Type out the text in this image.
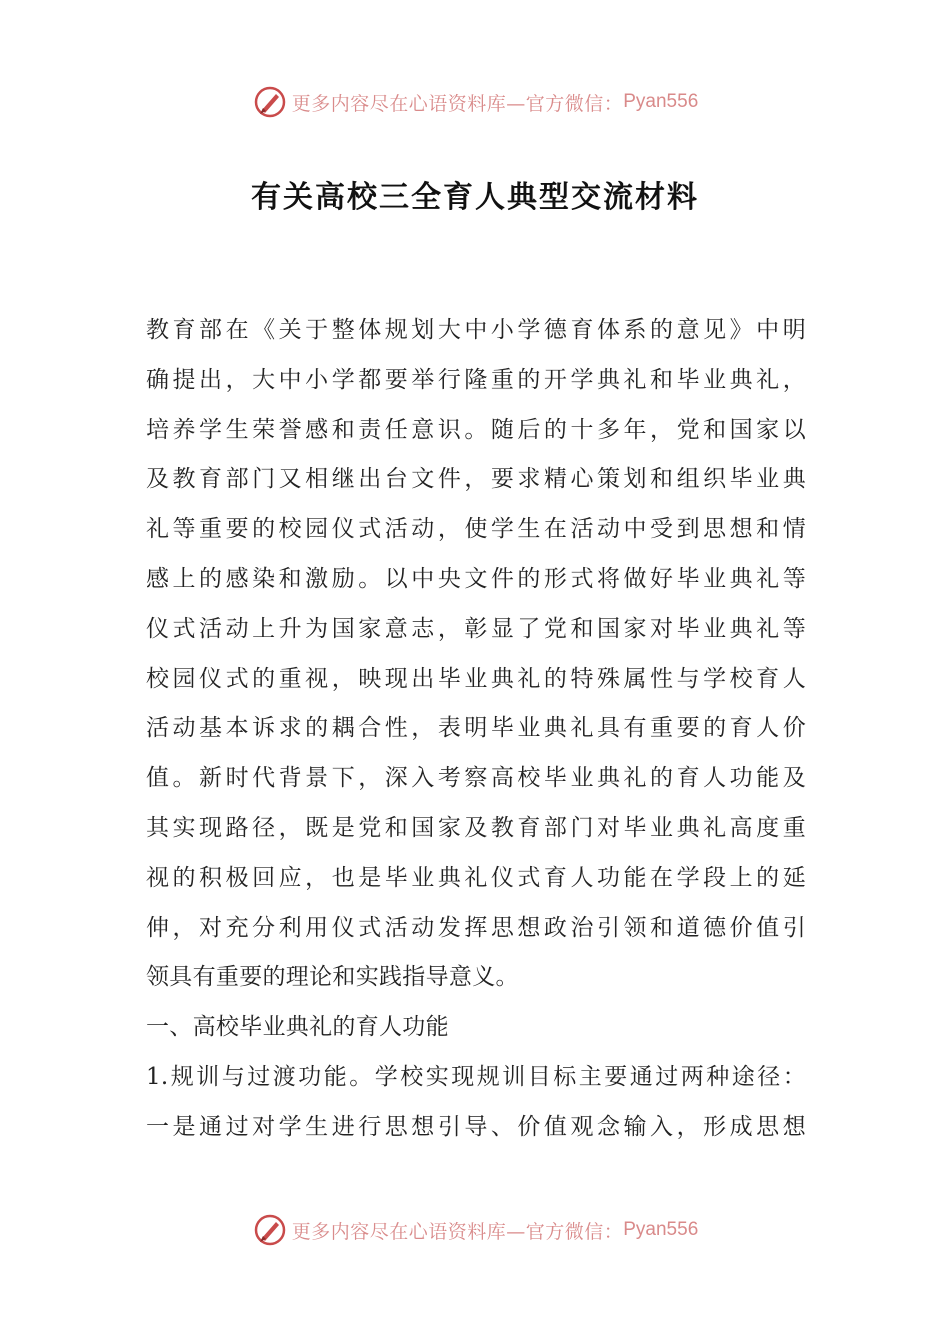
更多内容尽在心语资料库—官方微信： Pyan556
有关高校三全育人典型交流材料
教育部在《关于整体规划大中小学德育体系的意见》中明
确提出，大中小学都要举行隆重的开学典礼和毕业典礼，
培养学生荣誉感和责任意识。随后的十多年，党和国家以
及教育部门又相继出台文件，要求精心策划和组织毕业典
礼等重要的校园仪式活动，使学生在活动中受到思想和情
感上的感染和激励。以中央文件的形式将做好毕业典礼等
仪式活动上升为国家意志，彰显了党和国家对毕业典礼等
校园仪式的重视，映现出毕业典礼的特殊属性与学校育人
活动基本诉求的耦合性，表明毕业典礼具有重要的育人价
值。新时代背景下，深入考察高校毕业典礼的育人功能及
其实现路径，既是党和国家及教育部门对毕业典礼高度重
视的积极回应，也是毕业典礼仪式育人功能在学段上的延
伸，对充分利用仪式活动发挥思想政治引领和道德价值引
领具有重要的理论和实践指导意义。
一、高校毕业典礼的育人功能
1.规训与过渡功能。学校实现规训目标主要通过两种途径：
一是通过对学生进行思想引导、价值观念输入，形成思想
更多内容尽在心语资料库—官方微信： Pyan556
